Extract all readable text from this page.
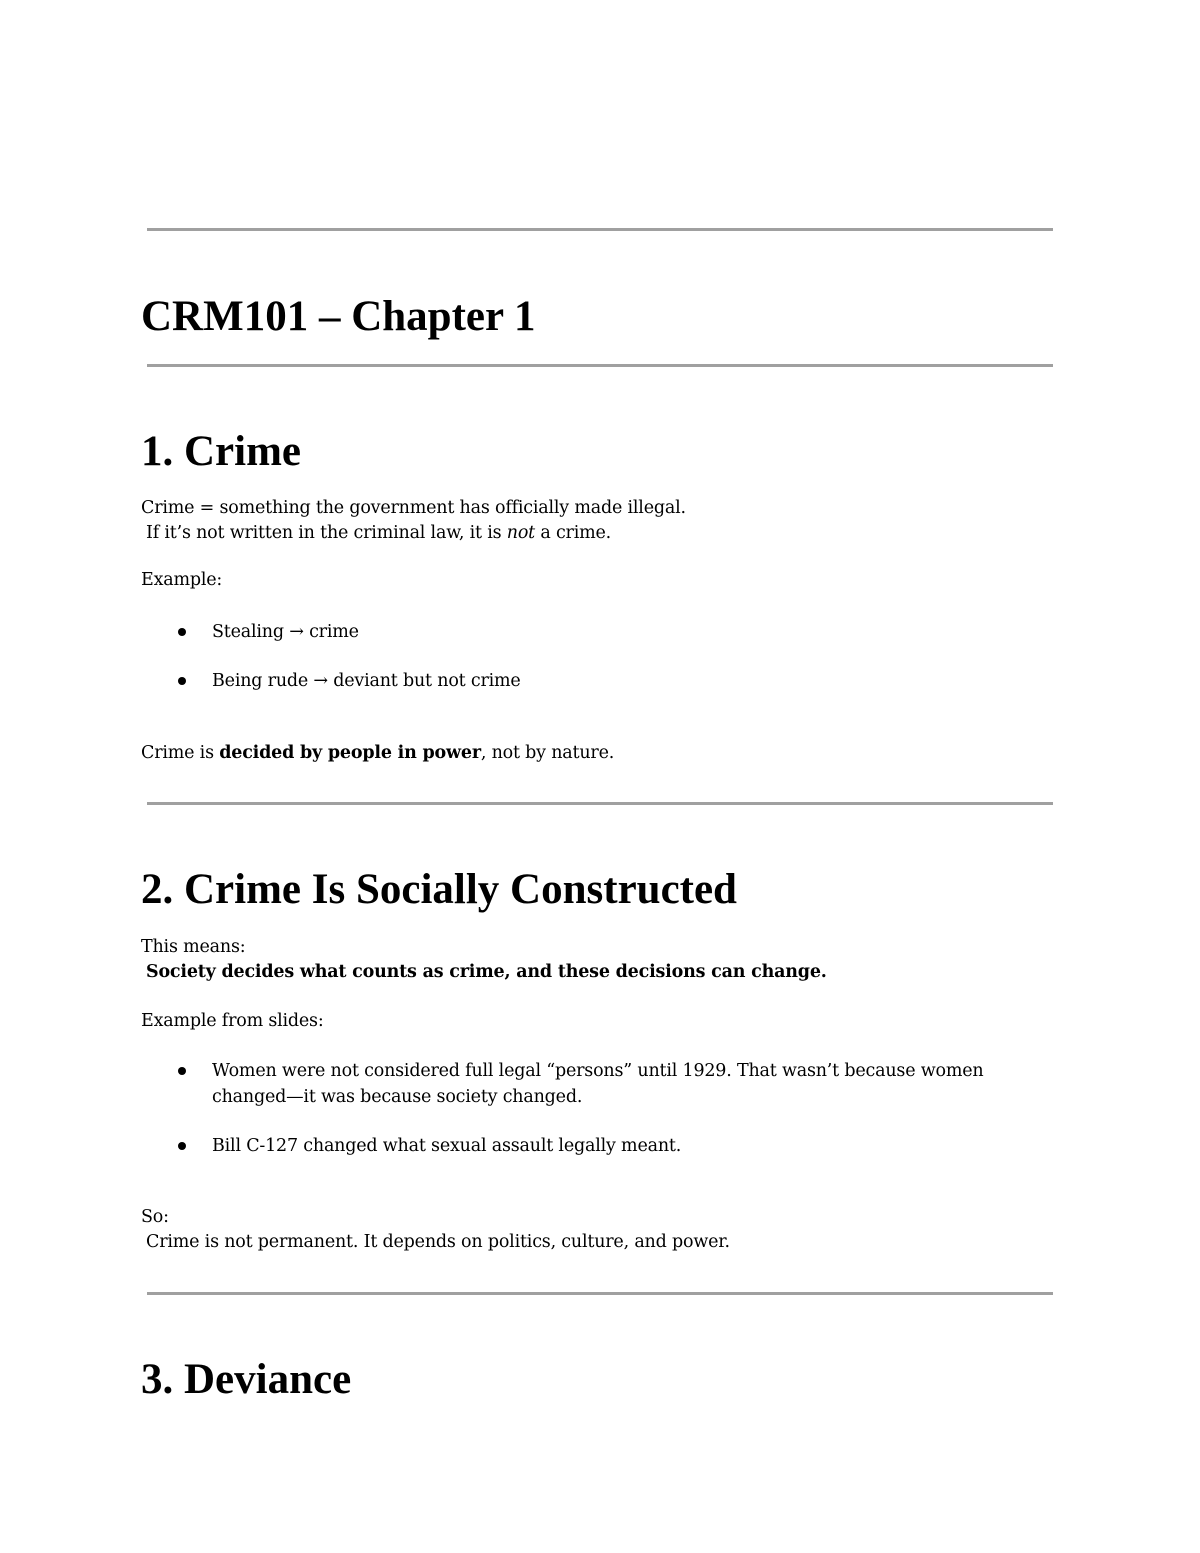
CRM101 – Chapter 1
1. Crime

Crime = something the government has officially made illegal.

If it’s not written in the criminal law, it is not a crime.

Example:

Stealing → crime

Being rude → deviant but not crime

Crime is decided by people in power, not by nature.

2. Crime Is Socially Constructed

This means:

Society decides what counts as crime, and these decisions can change.

Example from slides:

Women were not considered full legal “persons” until 1929. That wasn’t because women changed—it was because society changed.

Bill C-127 changed what sexual assault legally meant.

So:

Crime is not permanent. It depends on politics, culture, and power.

3. Deviance
